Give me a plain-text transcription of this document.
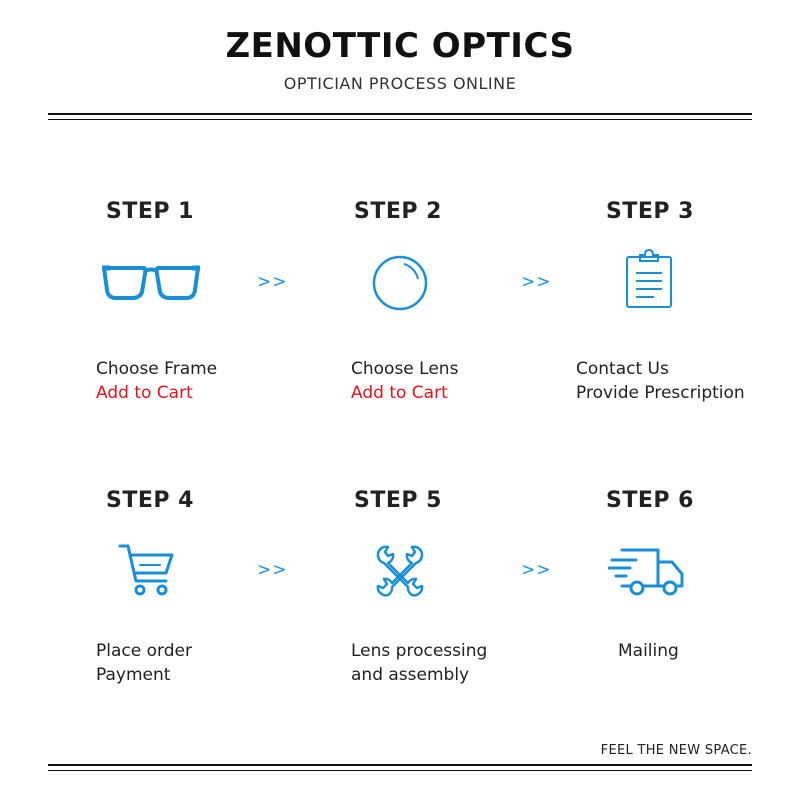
ZENOTTIC OPTICS
OPTICIAN PROCESS ONLINE
STEP 1	STEP 2	STEP 3
>>	>>
Choose Frame
Add to Cart
Choose Lens
Add to Cart
Contact Us
Provide Prescription
STEP 4	STEP 5	STEP 6
>>	>>
Place order
Payment
Lens processing
and assembly
Mailing
FEEL THE NEW SPACE.
